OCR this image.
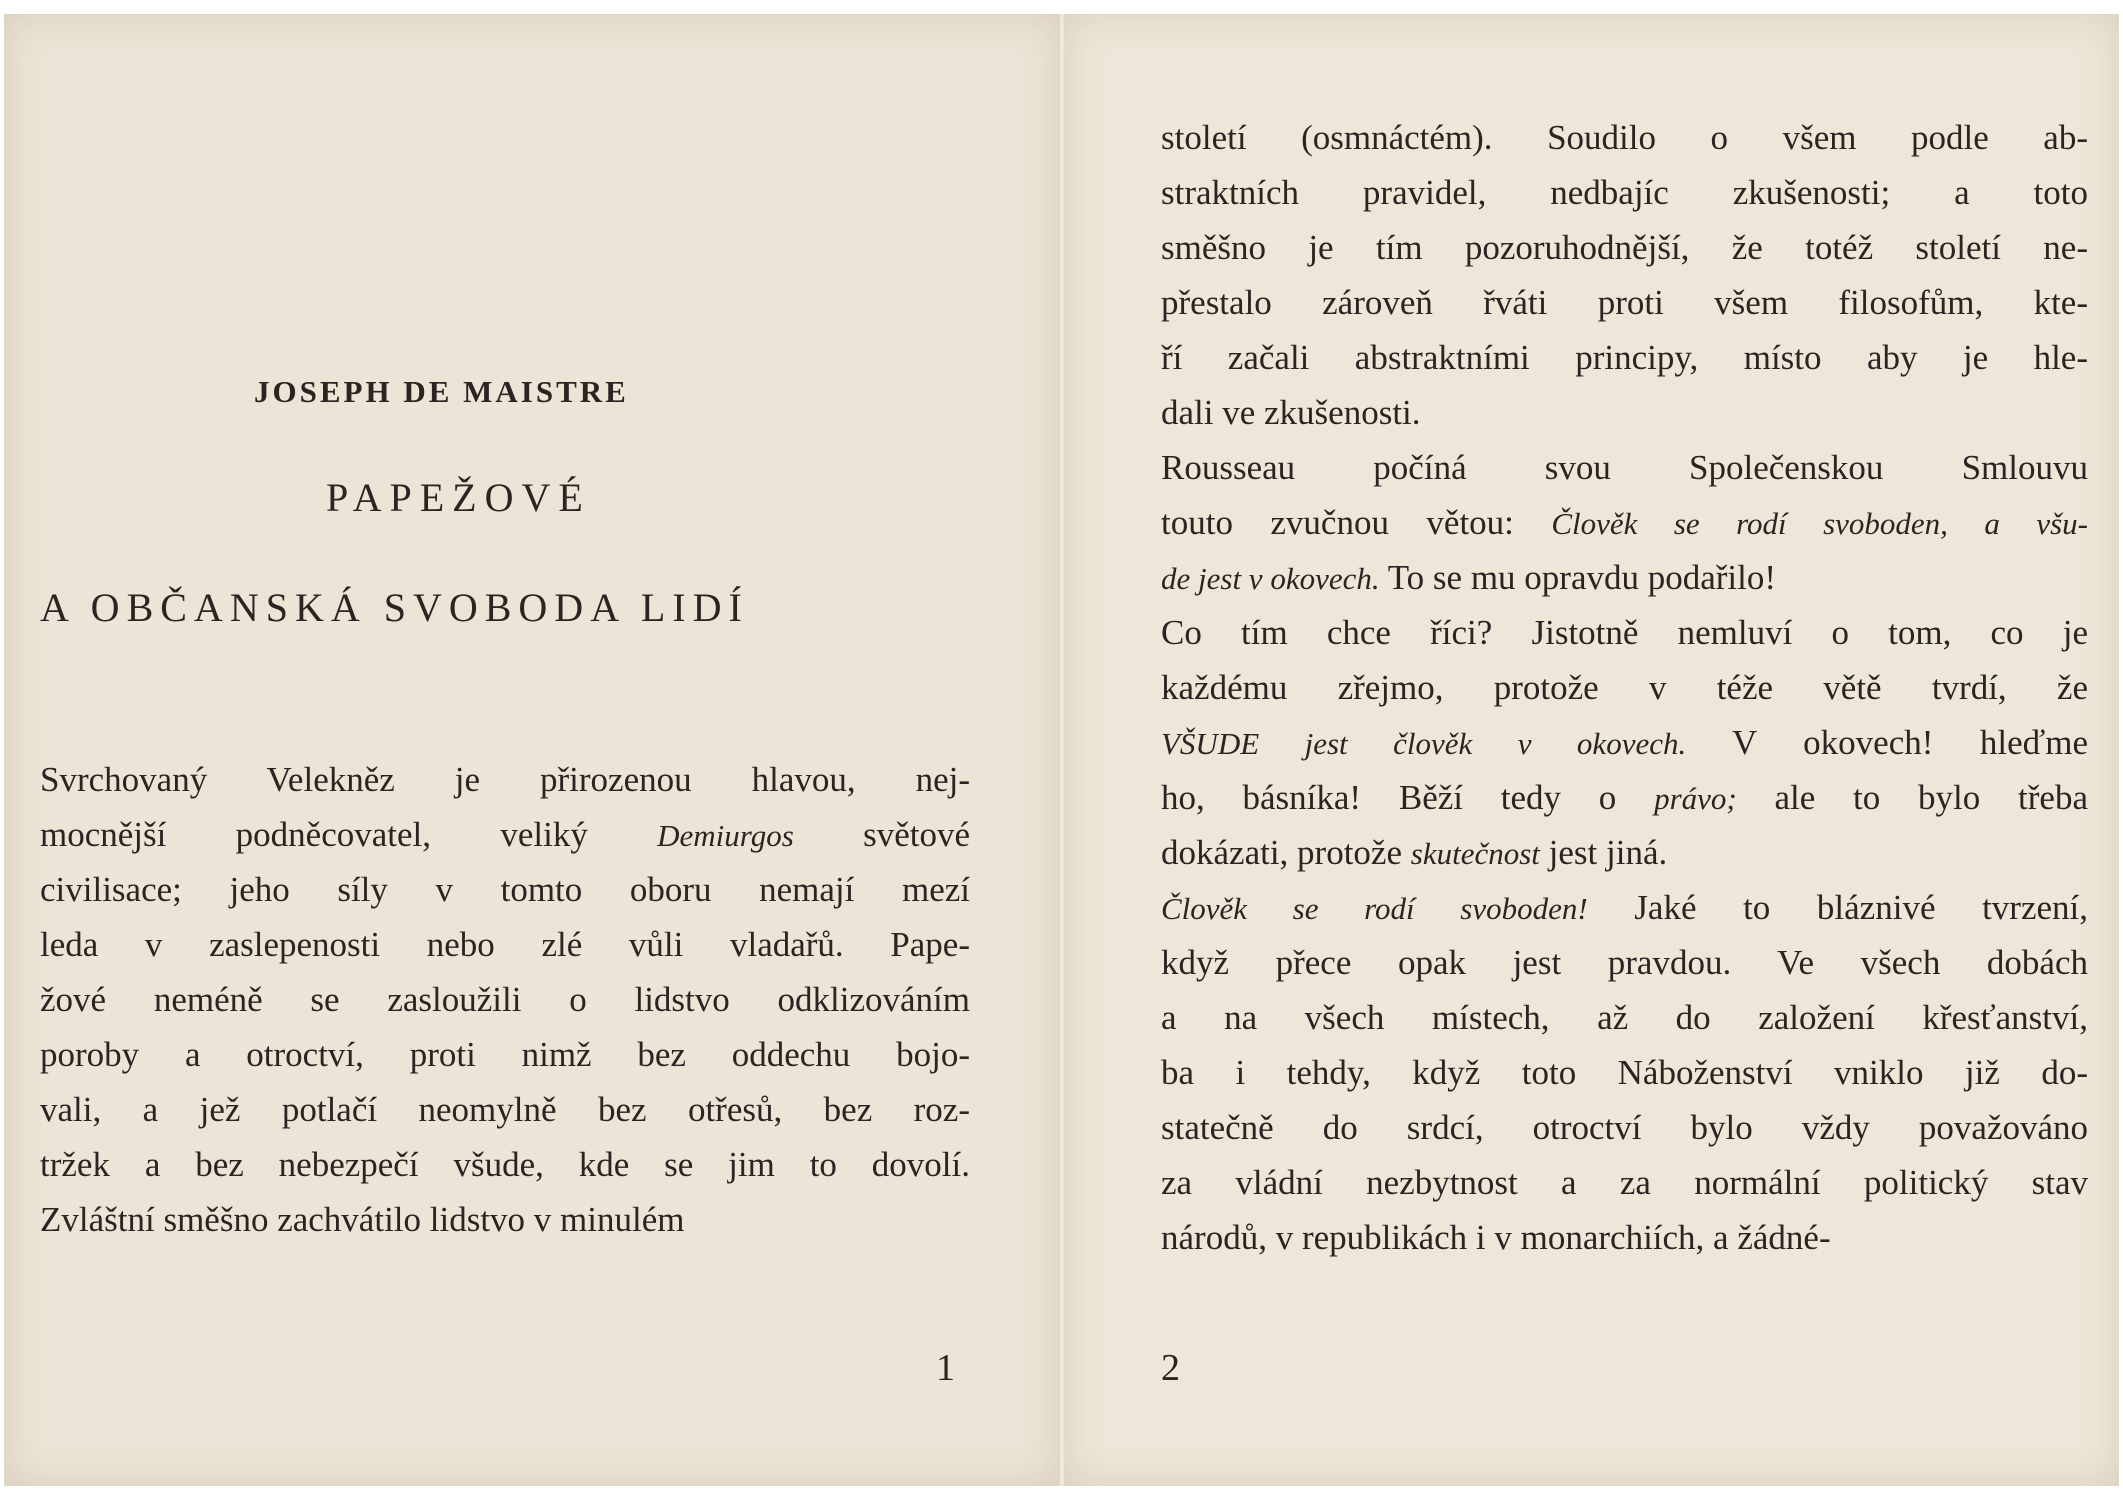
JOSEPH DE MAISTRE
PAPEŽOVÉ
A OBČANSKÁ SVOBODA LIDÍ
Svrchovaný Velekněz je přirozenou hlavou, nej-
mocnější podněcovatel, veliký Demiurgos světové
civilisace; jeho síly v tomto oboru nemají mezí
leda v zaslepenosti nebo zlé vůli vladařů. Pape-
žové neméně se zasloužili o lidstvo odklizováním
poroby a otroctví, proti nimž bez oddechu bojo-
vali, a jež potlačí neomylně bez otřesů, bez roz-
tržek a bez nebezpečí všude, kde se jim to dovolí.
Zvláštní směšno zachvátilo lidstvo v minulém
století (osmnáctém). Soudilo o všem podle ab-
straktních pravidel, nedbajíc zkušenosti; a toto
směšno je tím pozoruhodnější, že totéž století ne-
přestalo zároveň řváti proti všem filosofům, kte-
ří začali abstraktními principy, místo aby je hle-
dali ve zkušenosti.
Rousseau počíná svou Společenskou Smlouvu
touto zvučnou větou: Člověk se rodí svoboden, a všu-
de jest v okovech. To se mu opravdu podařilo!
Co tím chce říci? Jistotně nemluví o tom, co je
každému zřejmo, protože v téže větě tvrdí, že
VŠUDE jest člověk v okovech. V okovech! hleďme
ho, básníka! Běží tedy o právo; ale to bylo třeba
dokázati, protože skutečnost jest jiná.
Člověk se rodí svoboden! Jaké to bláznivé tvrzení,
když přece opak jest pravdou. Ve všech dobách
a na všech místech, až do založení křesťanství,
ba i tehdy, když toto Náboženství vniklo již do-
statečně do srdcí, otroctví bylo vždy považováno
za vládní nezbytnost a za normální politický stav
národů, v republikách i v monarchiích, a žádné-
1	2
